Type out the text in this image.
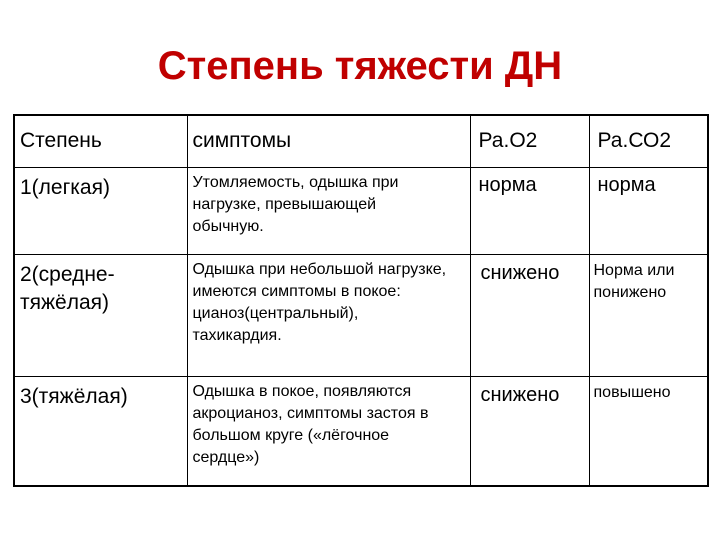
Степень тяжести ДН
Степень	симптомы	Ра.О2	Ра.СО2

1(легкая)	Утомляемость, одышка при нагрузке, превышающей обычную.	норма	норма

2(средне-тяжёлая)	Одышка при небольшой нагрузке, имеются симптомы в покое: цианоз(центральный), тахикардия.	снижено	Норма или понижено

3(тяжёлая)	Одышка в покое, появляются акроцианоз, симптомы застоя в большом круге («лёгочное сердце»)	снижено	повышено
